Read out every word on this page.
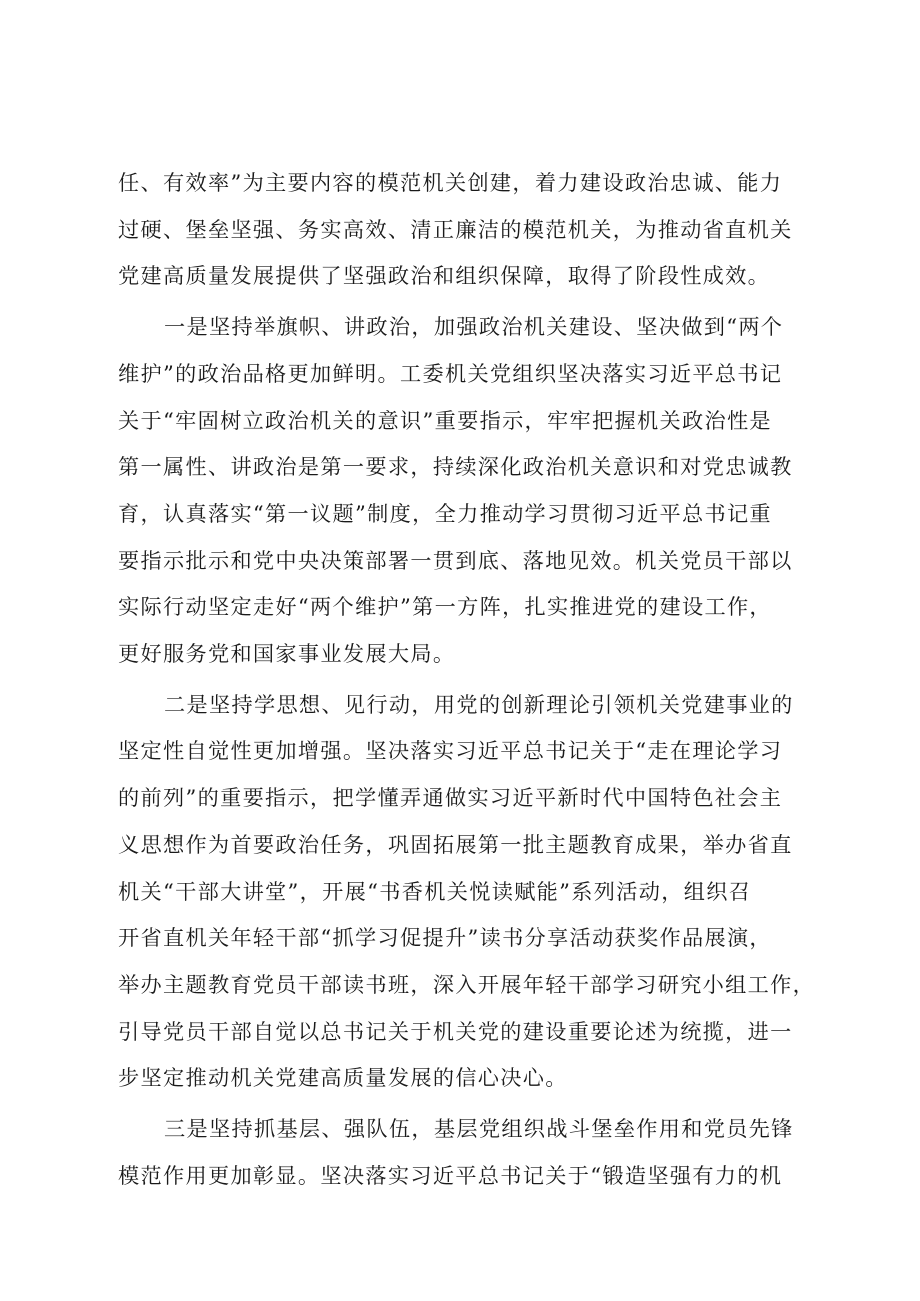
任、有效率”为主要内容的模范机关创建，着力建设政治忠诚、能力
过硬、堡垒坚强、务实高效、清正廉洁的模范机关，为推动省直机关
党建高质量发展提供了坚强政治和组织保障，取得了阶段性成效。

一是坚持举旗帜、讲政治，加强政治机关建设、坚决做到“两个
维护”的政治品格更加鲜明。工委机关党组织坚决落实习近平总书记
关于“牢固树立政治机关的意识”重要指示，牢牢把握机关政治性是
第一属性、讲政治是第一要求，持续深化政治机关意识和对党忠诚教
育，认真落实“第一议题”制度，全力推动学习贯彻习近平总书记重
要指示批示和党中央决策部署一贯到底、落地见效。机关党员干部以
实际行动坚定走好“两个维护”第一方阵，扎实推进党的建设工作，
更好服务党和国家事业发展大局。

二是坚持学思想、见行动，用党的创新理论引领机关党建事业的
坚定性自觉性更加增强。坚决落实习近平总书记关于“走在理论学习
的前列”的重要指示，把学懂弄通做实习近平新时代中国特色社会主
义思想作为首要政治任务，巩固拓展第一批主题教育成果，举办省直
机关“干部大讲堂”，开展“书香机关悦读赋能”系列活动，组织召
开省直机关年轻干部“抓学习促提升”读书分享活动获奖作品展演，
举办主题教育党员干部读书班，深入开展年轻干部学习研究小组工作，
引导党员干部自觉以总书记关于机关党的建设重要论述为统揽，进一
步坚定推动机关党建高质量发展的信心决心。

三是坚持抓基层、强队伍，基层党组织战斗堡垒作用和党员先锋
模范作用更加彰显。坚决落实习近平总书记关于“锻造坚强有力的机
